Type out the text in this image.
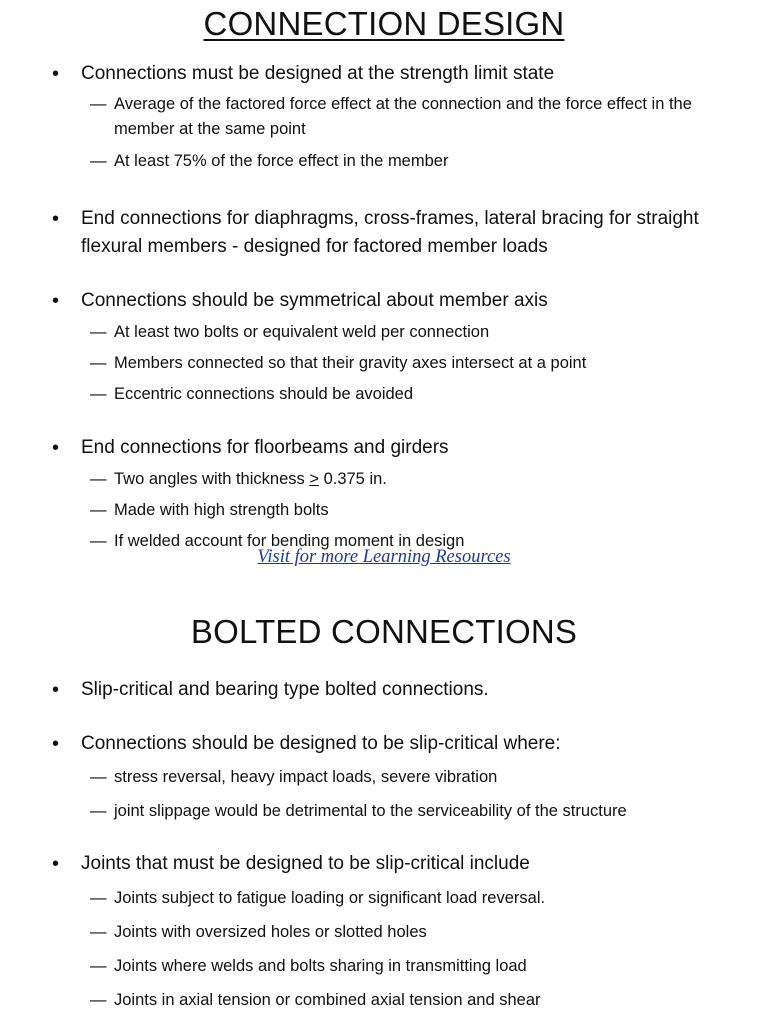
CONNECTION DESIGN
•	Connections must be designed at the strength limit state
— Average of the factored force effect at the connection and the force effect in the member at the same point
— At least 75% of the force effect in the member
•	End connections for diaphragms, cross-frames, lateral bracing for straight flexural members - designed for factored member loads
•	Connections should be symmetrical about member axis
— At least two bolts or equivalent weld per connection
— Members connected so that their gravity axes intersect at a point
— Eccentric connections should be avoided
•	End connections for floorbeams and girders
— Two angles with thickness ≥ 0.375 in.
— Made with high strength bolts
— If welded account for bending moment in design
Visit for more Learning Resources
BOLTED CONNECTIONS
•	Slip-critical and bearing type bolted connections.
•	Connections should be designed to be slip-critical where:
— stress reversal, heavy impact loads, severe vibration
— joint slippage would be detrimental to the serviceability of the structure
•	Joints that must be designed to be slip-critical include
— Joints subject to fatigue loading or significant load reversal.
— Joints with oversized holes or slotted holes
— Joints where welds and bolts sharing in transmitting load
— Joints in axial tension or combined axial tension and shear
